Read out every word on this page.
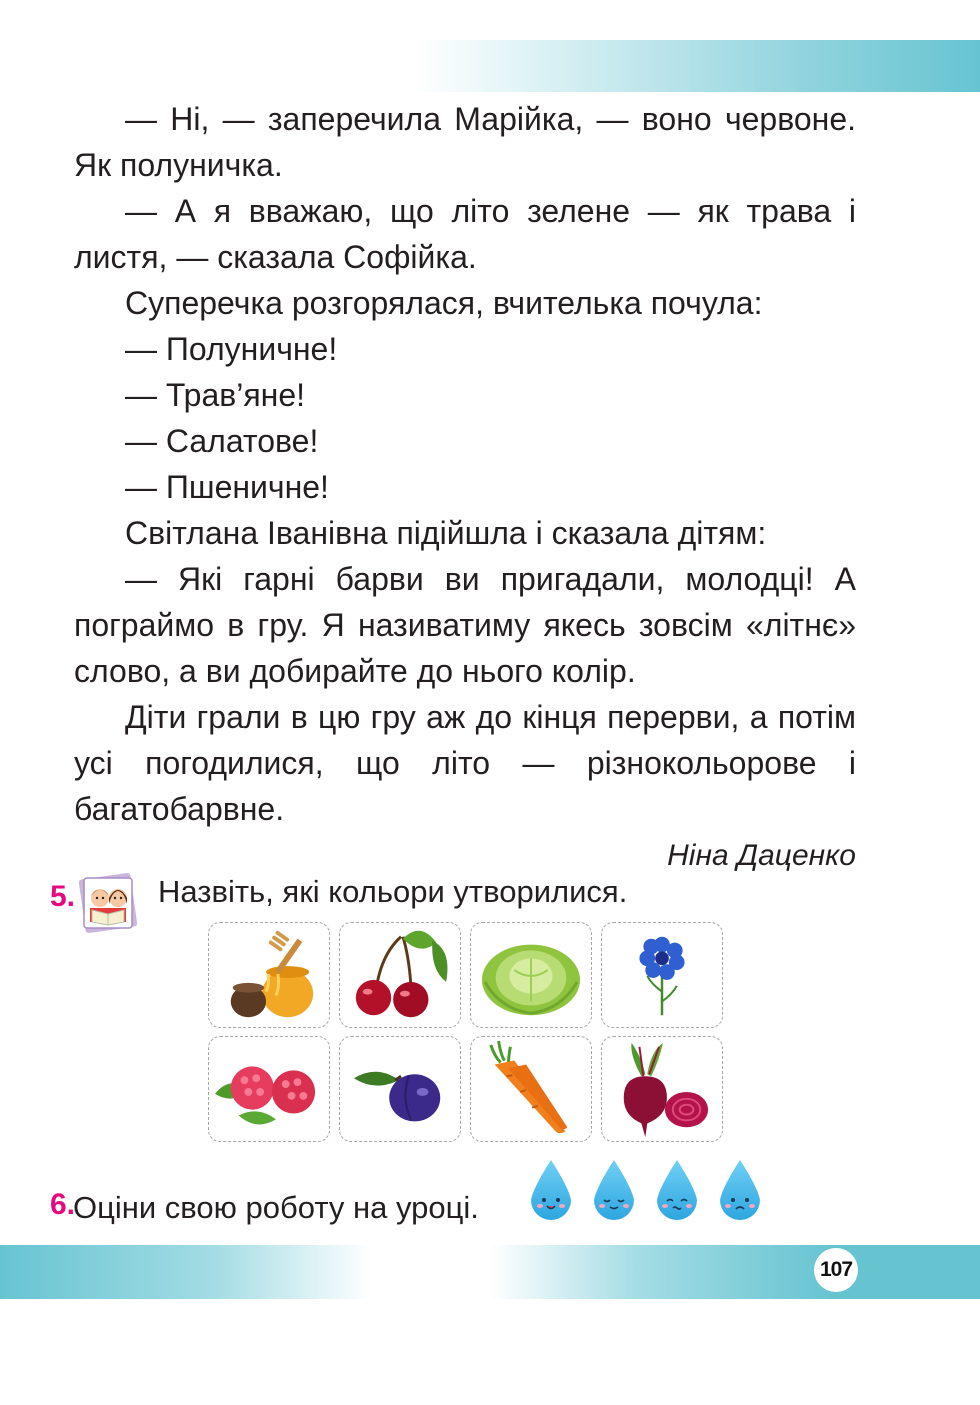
— Ні, — заперечила Марійка, — воно червоне. Як полуничка.

— А я вважаю, що літо зелене — як трава і листя, — сказала Софійка.

Суперечка розгорялася, вчителька почула:

— Полуничне!

— Трав’яне!

— Салатове!

— Пшеничне!

Світлана Іванівна підійшла і сказала дітям:

— Які гарні барви ви пригадали, молодці! А пограймо в гру. Я називатиму якесь зовсім «літнє» слово, а ви добирайте до нього колір.

Діти грали в цю гру аж до кінця перерви, а потім усі погодилися, що літо — різнокольорове і багатобарвне.

Ніна Даценко
5.	Назвіть, які кольори утворилися.
6.
Оціни свою роботу на уроці.
107
